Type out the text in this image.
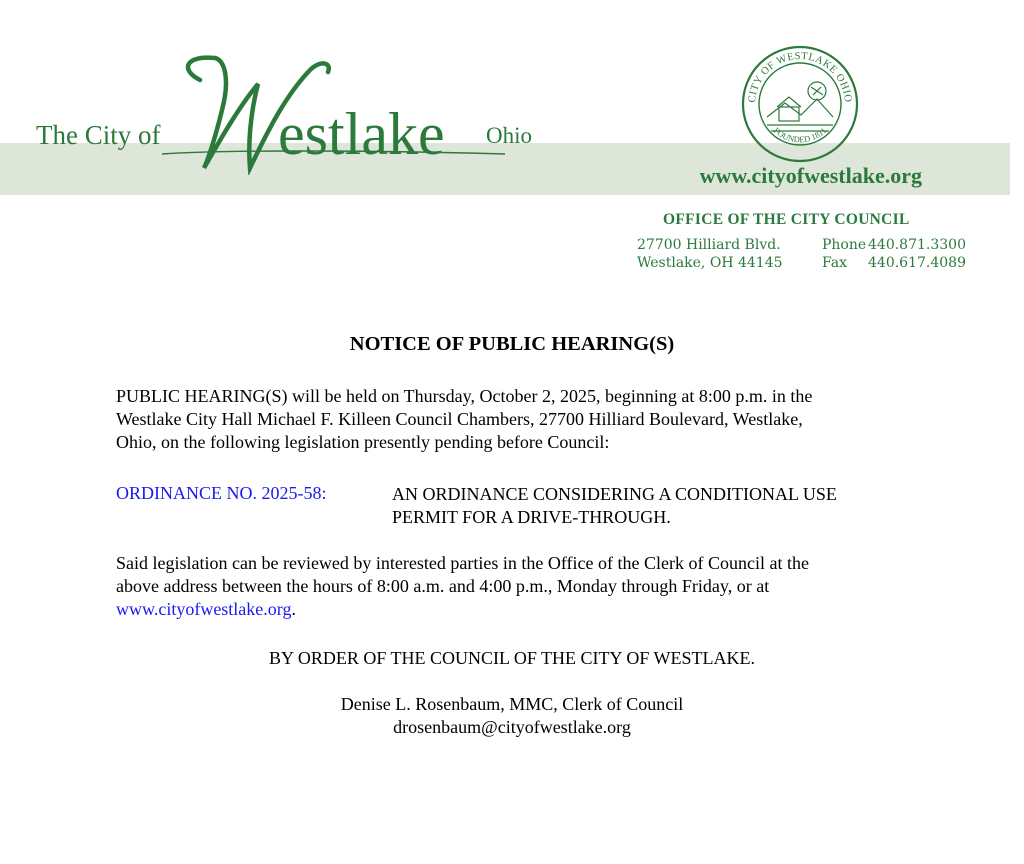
The City of estlake Ohio
CITY OF WESTLAKE OHIO
FOUNDED 1811
www.cityofwestlake.org
OFFICE OF THE CITY COUNCIL
27700 Hilliard Blvd.
Westlake, OH 44145
Phone 440.871.3300
Fax 440.617.4089
NOTICE OF PUBLIC HEARING(S)
PUBLIC HEARING(S) will be held on Thursday, October 2, 2025, beginning at 8:00 p.m. in the
Westlake City Hall Michael F. Killeen Council Chambers, 27700 Hilliard Boulevard, Westlake,
Ohio, on the following legislation presently pending before Council:
ORDINANCE NO. 2025-58:	AN ORDINANCE CONSIDERING A CONDITIONAL USE
PERMIT FOR A DRIVE-THROUGH.
Said legislation can be reviewed by interested parties in the Office of the Clerk of Council at the
above address between the hours of 8:00 a.m. and 4:00 p.m., Monday through Friday, or at
www.cityofwestlake.org.
BY ORDER OF THE COUNCIL OF THE CITY OF WESTLAKE.
Denise L. Rosenbaum, MMC, Clerk of Council
drosenbaum@cityofwestlake.org
